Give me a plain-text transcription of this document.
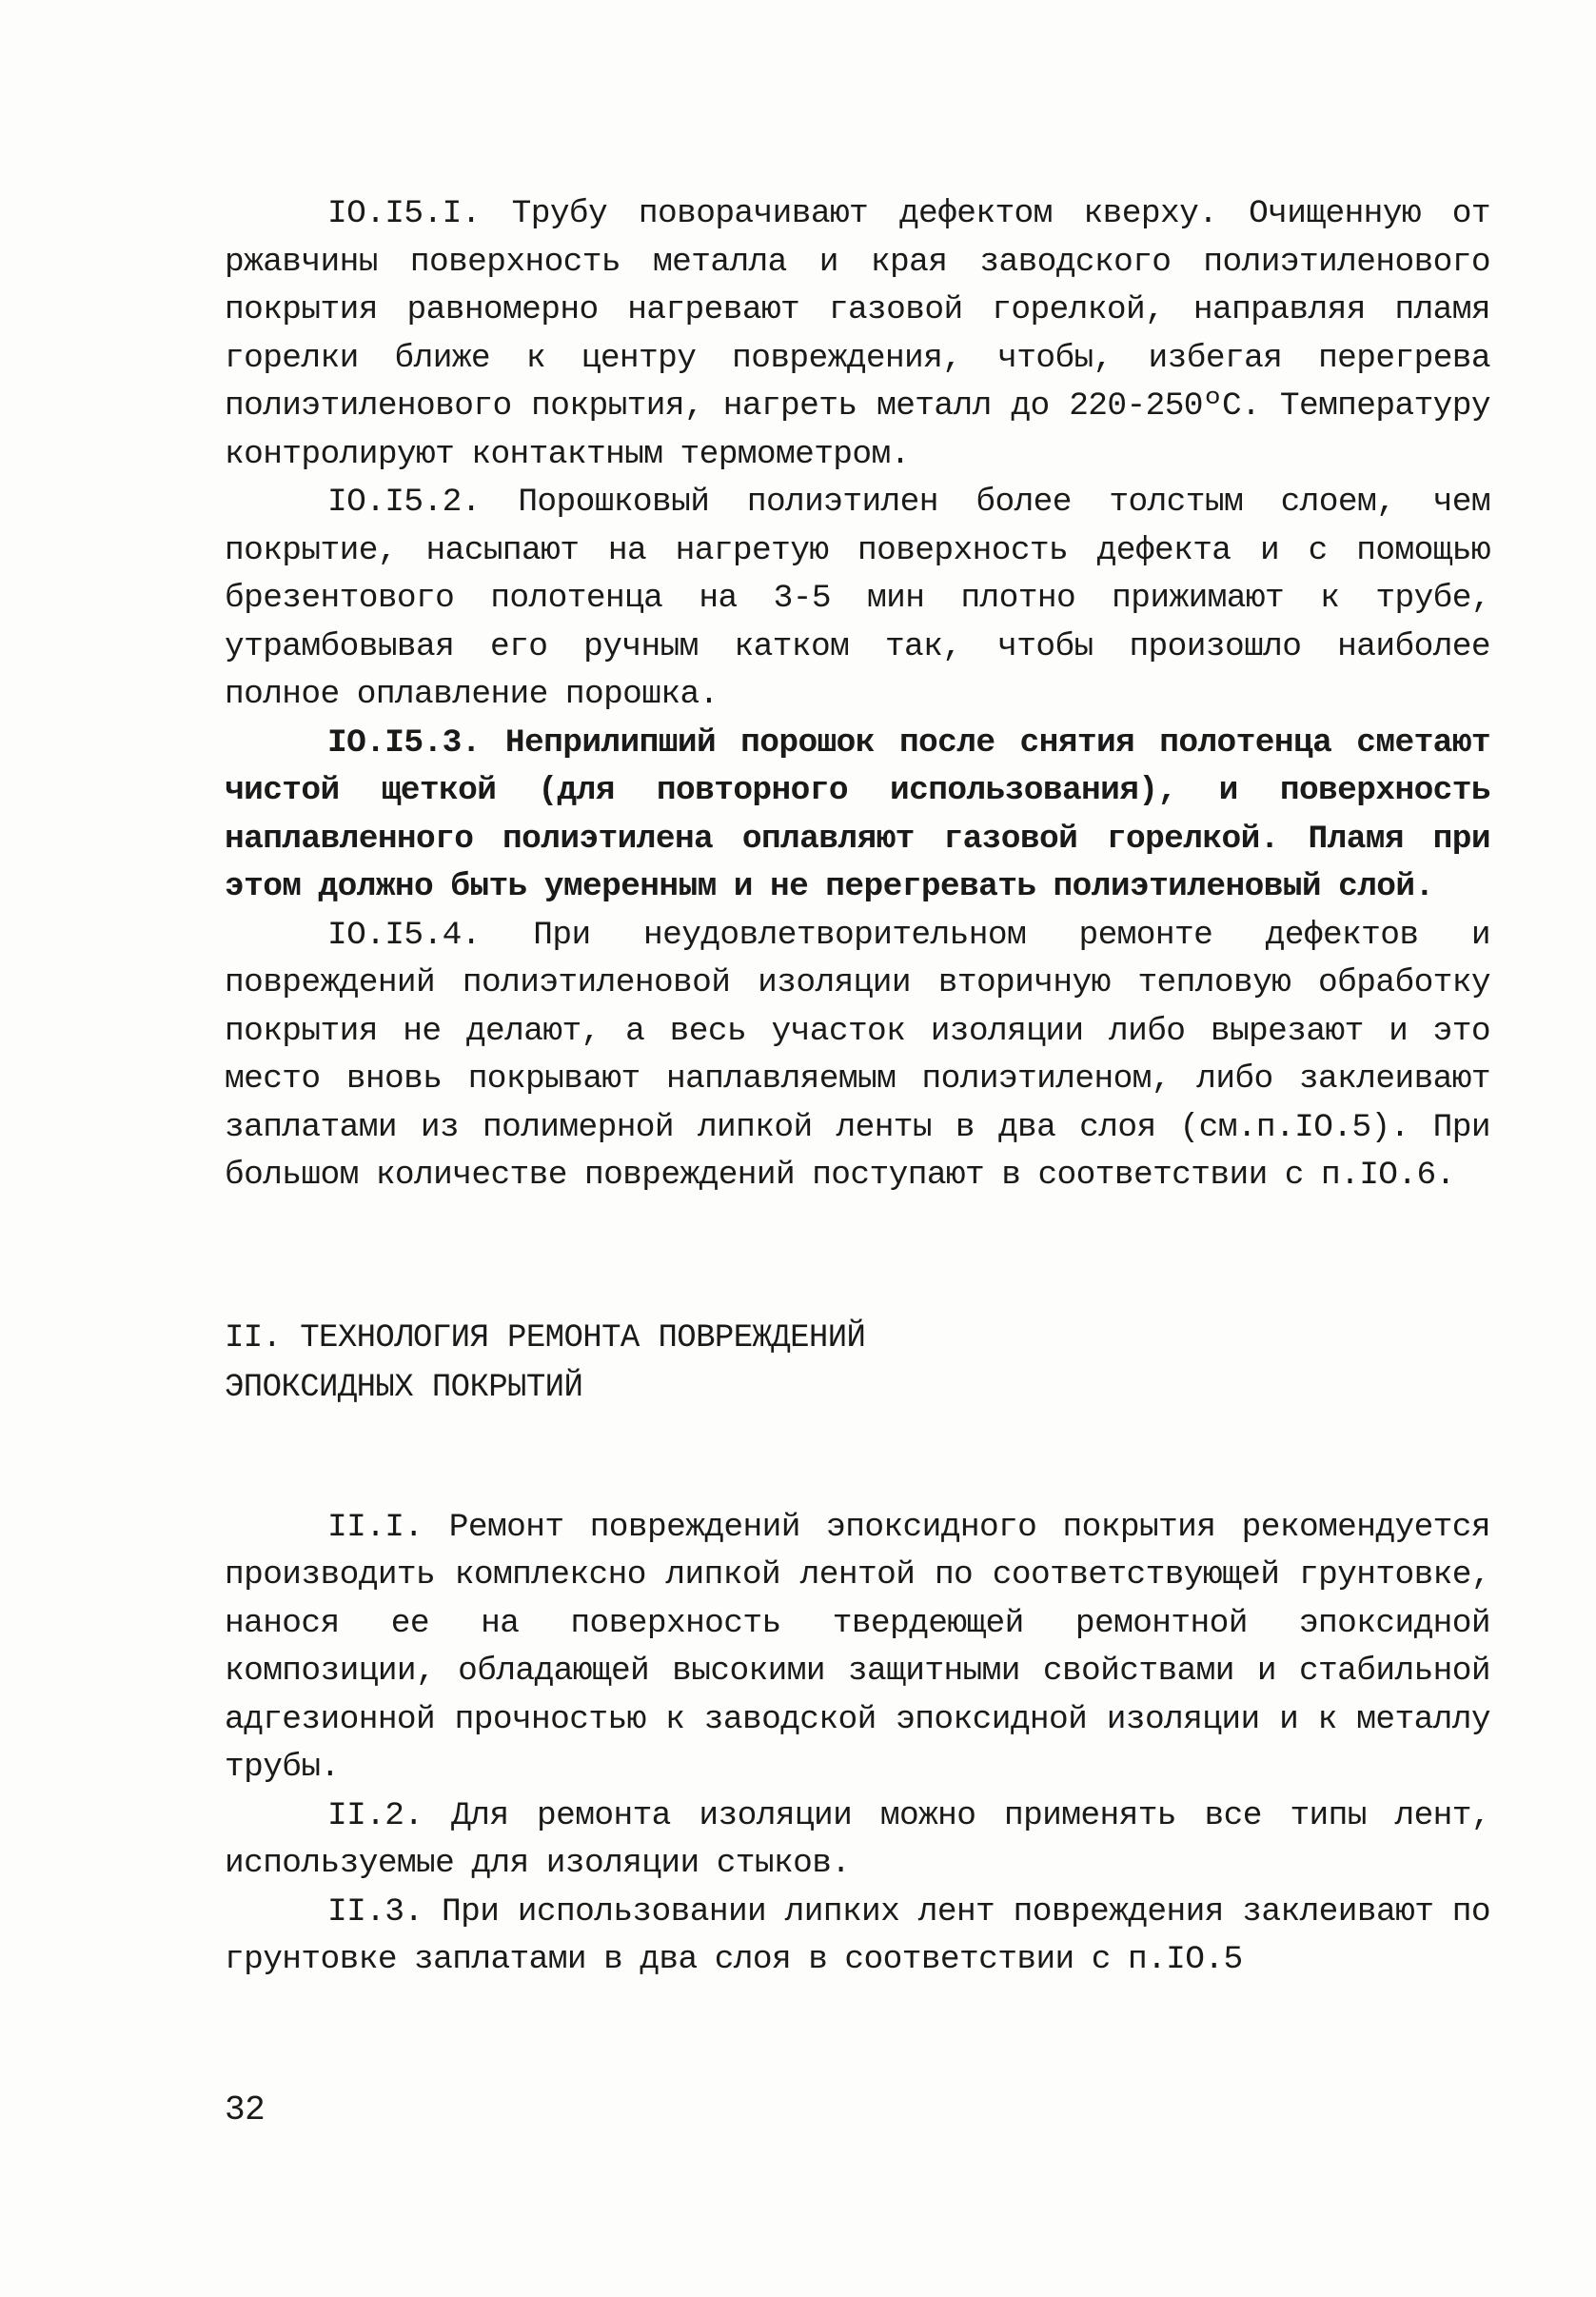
IO.I5.I. Трубу поворачивают дефектом кверху. Очищенную от ржавчины поверхность металла и края заводского полиэтиленового покрытия равномерно нагревают газовой горелкой, направляя пламя горелки ближе к центру повреждения, чтобы, избегая перегрева полиэтиленового покрытия, нагреть металл до 220-250ºС. Температуру контролируют контактным термометром.

IO.I5.2. Порошковый полиэтилен более толстым слоем, чем покрытие, насыпают на нагретую поверхность дефекта и с помощью брезентового полотенца на 3-5 мин плотно прижимают к трубе, утрамбовывая его ручным катком так, чтобы произошло наиболее полное оплавление порошка.

IO.I5.3. Неприлипший порошок после снятия полотенца сметают чистой щеткой (для повторного использования), и поверхность наплавленного полиэтилена оплавляют газовой горелкой. Пламя при этом должно быть умеренным и не перегревать полиэтиленовый слой.

IO.I5.4. При неудовлетворительном ремонте дефектов и повреждений полиэтиленовой изоляции вторичную тепловую обработку покрытия не делают, а весь участок изоляции либо вырезают и это место вновь покрывают наплавляемым полиэтиленом, либо заклеивают заплатами из полимерной липкой ленты в два слоя (см.п.IO.5). При большом количестве повреждений поступают в соответствии с п.IO.6.

II. ТЕХНОЛОГИЯ РЕМОНТА ПОВРЕЖДЕНИЙ
ЭПОКСИДНЫХ ПОКРЫТИЙ

II.I. Ремонт повреждений эпоксидного покрытия рекомендуется производить комплексно липкой лентой по соответствующей грунтовке, нанося ее на поверхность твердеющей ремонтной эпоксидной композиции, обладающей высокими защитными свойствами и стабильной адгезионной прочностью к заводской эпоксидной изоляции и к металлу трубы.

II.2. Для ремонта изоляции можно применять все типы лент, используемые для изоляции стыков.

II.3. При использовании липких лент повреждения заклеивают по грунтовке заплатами в два слоя в соответствии с п.IO.5

32
